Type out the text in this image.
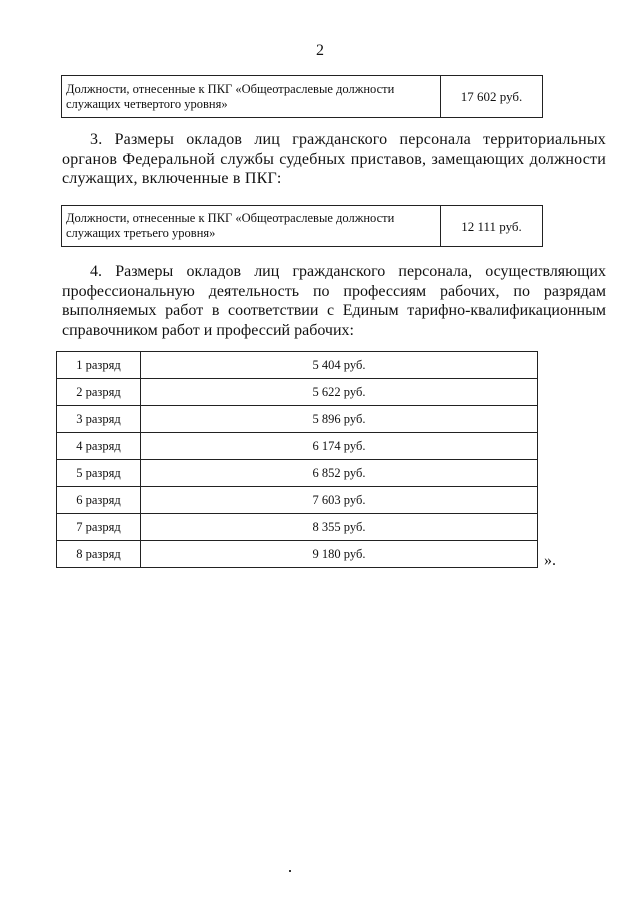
2
Должности, отнесенные к ПКГ «Общеотраслевые должности служащих четвертого уровня»	17 602 руб.

3. Размеры окладов лиц гражданского персонала территориальных органов Федеральной службы судебных приставов, замещающих должности служащих, включенные в ПКГ:

Должности, отнесенные к ПКГ «Общеотраслевые должности служащих третьего уровня»	12 111 руб.

4. Размеры окладов лиц гражданского персонала, осуществляющих профессиональную деятельность по профессиям рабочих, по разрядам выполняемых работ в соответствии с Единым тарифно-квалификационным справочником работ и профессий рабочих:

1 разряд	5 404 руб.
2 разряд	5 622 руб.
3 разряд	5 896 руб.
4 разряд	6 174 руб.
5 разряд	6 852 руб.
6 разряд	7 603 руб.
7 разряд	8 355 руб.
8 разряд	9 180 руб.	».
